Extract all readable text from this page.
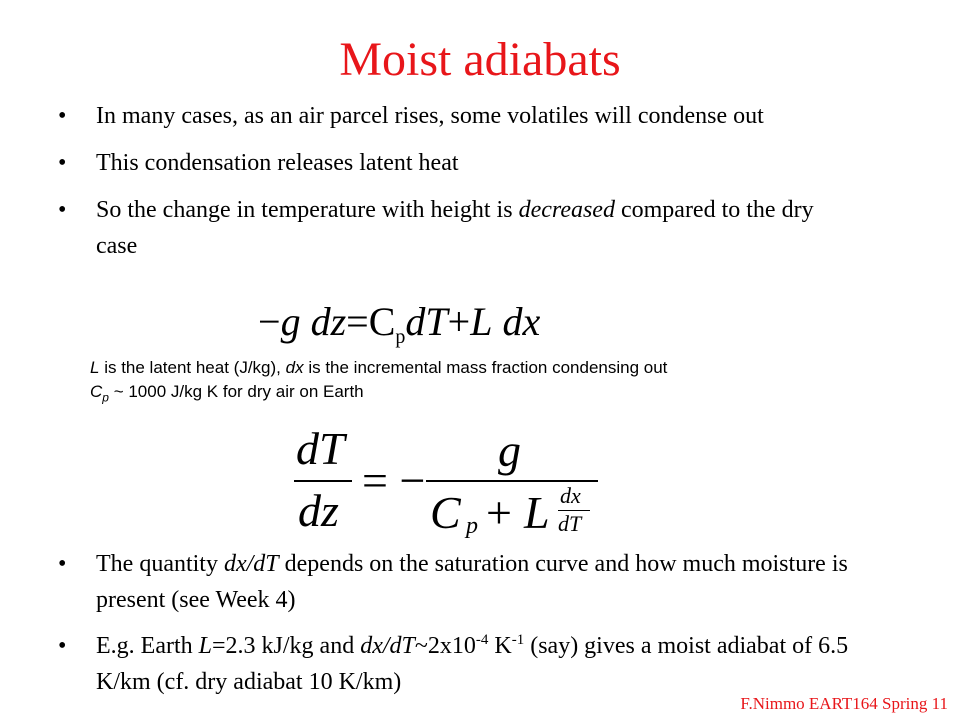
Moist adiabats
• In many cases, as an air parcel rises, some volatiles will condense out
• This condensation releases latent heat
• So the change in temperature with height is decreased compared to the dry case
−g $dz=C_pdT+L$ dx
L is the latent heat (J/kg), dx is the incremental mass fraction condensing out
$C_p$ ~ 1000 J/kg K for dry air on Earth
dT
dz
= −
g
C p + L dx
dT
• The quantity dx/dT depends on the saturation curve and how much moisture is present (see Week 4)
• E.g. Earth L=2.3 kJ/kg and $dx/dT\sim 2x10^{-4}$ $K^{-1}$ (say) gives a moist adiabat of 6.5 K/km (cf. dry adiabat 10 K/km)
F.Nimmo EART164 Spring 11
